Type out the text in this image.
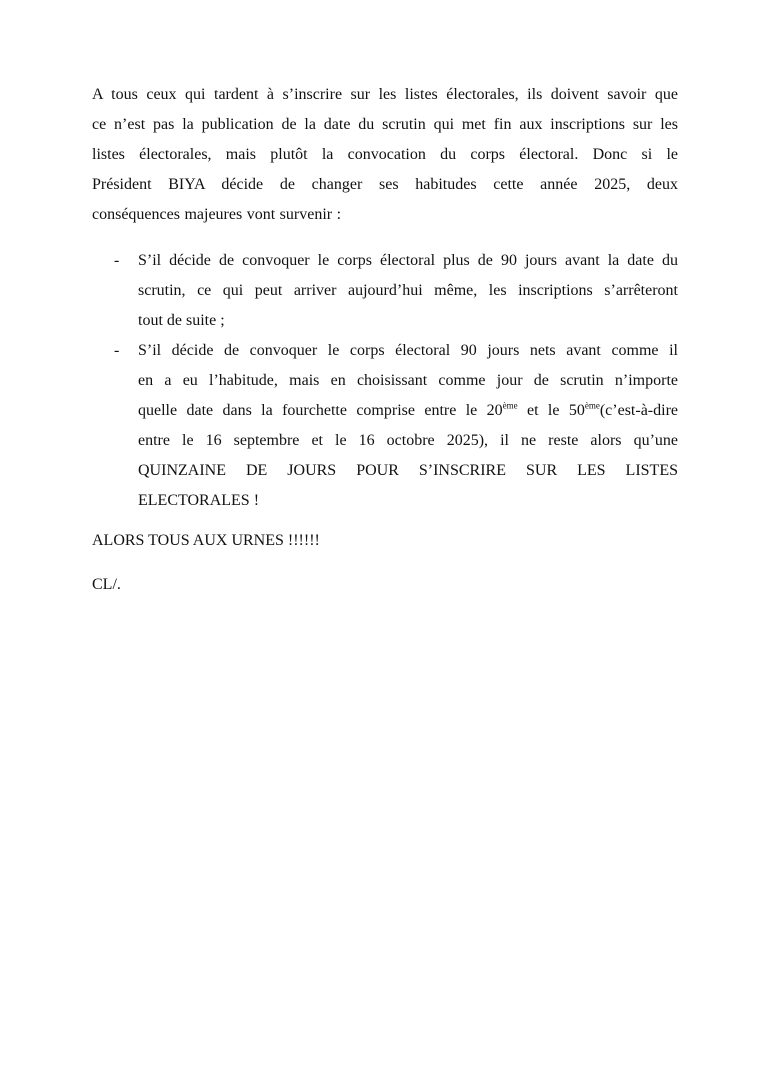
A tous ceux qui tardent à s’inscrire sur les listes électorales, ils doivent savoir que
ce n’est pas la publication de la date du scrutin qui met fin aux inscriptions sur les
listes électorales, mais plutôt la convocation du corps électoral. Donc si le
Président BIYA décide de changer ses habitudes cette année 2025, deux
conséquences majeures vont survenir :

- S’il décide de convoquer le corps électoral plus de 90 jours avant la date du
scrutin, ce qui peut arriver aujourd’hui même, les inscriptions s’arrêteront
tout de suite ;

- S’il décide de convoquer le corps électoral 90 jours nets avant comme il
en a eu l’habitude, mais en choisissant comme jour de scrutin n’importe
quelle date dans la fourchette comprise entre le 20ème et le 50ème(c’est-à-dire
entre le 16 septembre et le 16 octobre 2025), il ne reste alors qu’une
QUINZAINE DE JOURS POUR S’INSCRIRE SUR LES LISTES
ELECTORALES !

ALORS TOUS AUX URNES !!!!!!

CL/.
